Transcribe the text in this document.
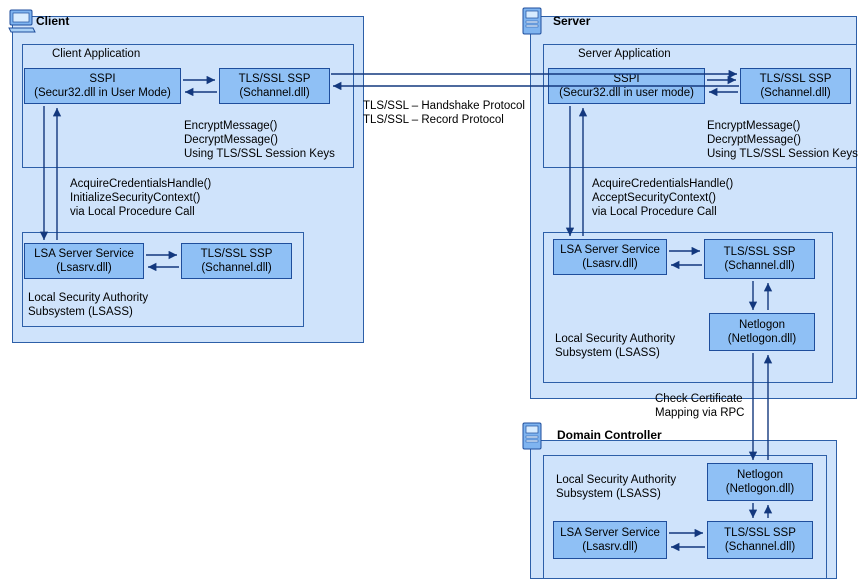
Client
Client Application
SSPI
(Secur32.dll in User Mode)
TLS/SSL SSP
(Schannel.dll)
EncryptMessage()
DecryptMessage()
Using TLS/SSL Session Keys
AcquireCredentialsHandle()
InitializeSecurityContext()
via Local Procedure Call
LSA Server Service
(Lsasrv.dll)
TLS/SSL SSP
(Schannel.dll)
Local Security Authority
Subsystem (LSASS)
Server
Server Application
SSPI
(Secur32.dll in user mode)
TLS/SSL SSP
(Schannel.dll)
EncryptMessage()
DecryptMessage()
Using TLS/SSL Session Keys
AcquireCredentialsHandle()
AcceptSecurityContext()
via Local Procedure Call
LSA Server Service
(Lsasrv.dll)
TLS/SSL SSP
(Schannel.dll)
Netlogon
(Netlogon.dll)
Local Security Authority
Subsystem (LSASS)
Domain Controller
Local Security Authority
Subsystem (LSASS)
Netlogon
(Netlogon.dll)
LSA Server Service
(Lsasrv.dll)
TLS/SSL SSP
(Schannel.dll)
TLS/SSL – Handshake Protocol
TLS/SSL – Record Protocol
Check Certificate
Mapping via RPC
